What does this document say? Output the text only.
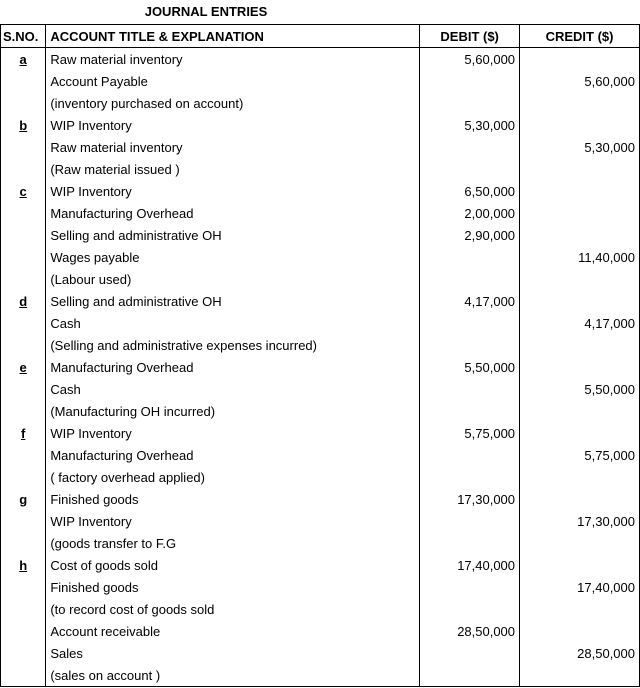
JOURNAL ENTRIES
S.NO.	ACCOUNT TITLE & EXPLANATION	DEBIT ($)	CREDIT ($)
a	Raw material inventory	5,60,000	
	Account Payable		5,60,000
	(inventory purchased on account)		
b	WIP Inventory	5,30,000	
	Raw material inventory		5,30,000
	(Raw material issued )		
c	WIP Inventory	6,50,000	
	Manufacturing Overhead	2,00,000	
	Selling and administrative OH	2,90,000	
	Wages payable		11,40,000
	(Labour used)		
d	Selling and administrative OH	4,17,000	
	Cash		4,17,000
	(Selling and administrative expenses incurred)		
e	Manufacturing Overhead	5,50,000	
	Cash		5,50,000
	(Manufacturing OH incurred)		
f	WIP Inventory	5,75,000	
	Manufacturing Overhead		5,75,000
	( factory overhead applied)		
g	Finished goods	17,30,000	
	WIP Inventory		17,30,000
	(goods transfer to F.G		
h	Cost of goods sold	17,40,000	
	Finished goods		17,40,000
	(to record cost of goods sold		
	Account receivable	28,50,000	
	Sales		28,50,000
	(sales on account )		
